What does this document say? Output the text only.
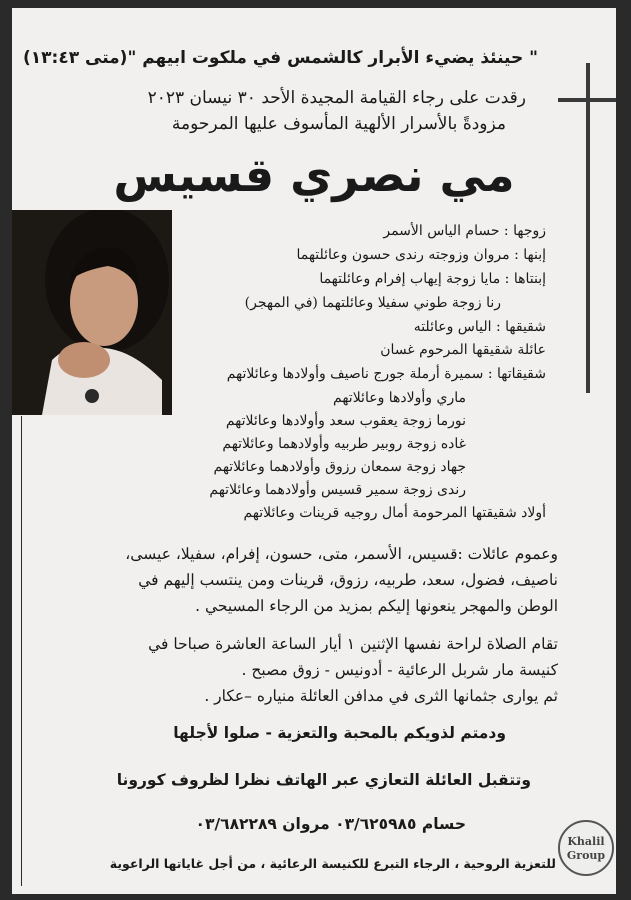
" حينئذ يضيء الأبرار كالشمس في ملكوت ابيهم "(متى ١٣:٤٣)
رقدت على رجاء القيامة المجيدة الأحد ٣٠ نيسان ٢٠٢٣
مزودةً بالأسرار الألهية المأسوف عليها المرحومة
مي نصري قسيس
زوجها : حسام الياس الأسمر
إبنها : مروان وزوجته رندى حسون وعائلتهما
إبنتاها : مايا زوجة إيهاب إفرام وعائلتهما
رنا زوجة طوني سفيلا وعائلتهما (في المهجر)
شقيقها : الياس وعائلته
عائلة شقيقها المرحوم غسان
شقيقاتها : سميرة أرملة جورج ناصيف وأولادها وعائلاتهم
ماري وأولادها وعائلاتهم
نورما زوجة يعقوب سعد وأولادها وعائلاتهم
غاده زوجة روبير طربيه وأولادهما وعائلاتهم
جهاد زوجة سمعان رزوق وأولادهما وعائلاتهم
رندى زوجة سمير قسيس وأولادهما وعائلاتهم
أولاد شقيقتها المرحومة أمال روجيه قرينات وعائلاتهم
وعموم عائلات :قسيس، الأسمر، متى، حسون، إفرام، سفيلا، عيسى،
ناصيف، فضول، سعد، طربيه، رزوق، قرينات ومن ينتسب إليهم في
الوطن والمهجر ينعونها إليكم بمزيد من الرجاء المسيحي .
تقام الصلاة لراحة نفسها الإثنين ١ أيار الساعة العاشرة صباحا في
كنيسة مار شربل الرعائية - أدونيس - زوق مصبح .
ثم يوارى جثمانها الثرى في مدافن العائلة منياره –عكار .
ودمتم لذويكم بالمحبة والتعزية - صلوا لأجلها
وتتقبل العائلة التعازي عبر الهاتف نظرا لظروف كورونا
حسام ٠٣/٦٢٥٩٨٥ مروان ٠٣/٦٨٢٢٨٩
للتعزية الروحية ، الرجاء التبرع للكنيسة الرعائية ، من أجل غاياتها الراعوية
Khalil
Group
